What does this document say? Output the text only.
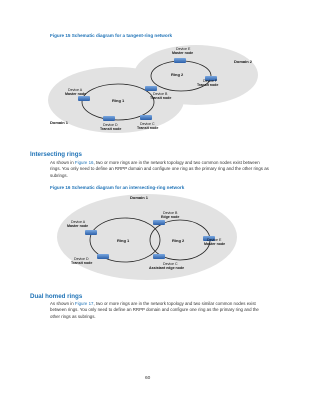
Figure 15 Schematic diagram for a tangent-ring network
Domain 1
Domain 2
Ring 1
Ring 2
Device A
Master node	Device B
Transit node
Device C
Transit node
Device D
Transit node
Device E
Master node
Device F
Transit node
Intersecting rings
As shown in Figure 16, two or more rings are in the network topology and two common nodes exist between rings. You only need to define an RRPP domain and configure one ring as the primary ring and the other rings as subrings.
Figure 16 Schematic diagram for an intersecting-ring network
Domain 1
Ring 1	Ring 2
Device A
Master node
Device B
Edge node
Device C
Assistant edge node
Device D
Transit node
Device E
Master node
Dual homed rings
As shown in Figure 17, two or more rings are in the network topology and two similar common nodes exist between rings. You only need to define an RRPP domain and configure one ring as the primary ring and the other rings as subrings.
60
